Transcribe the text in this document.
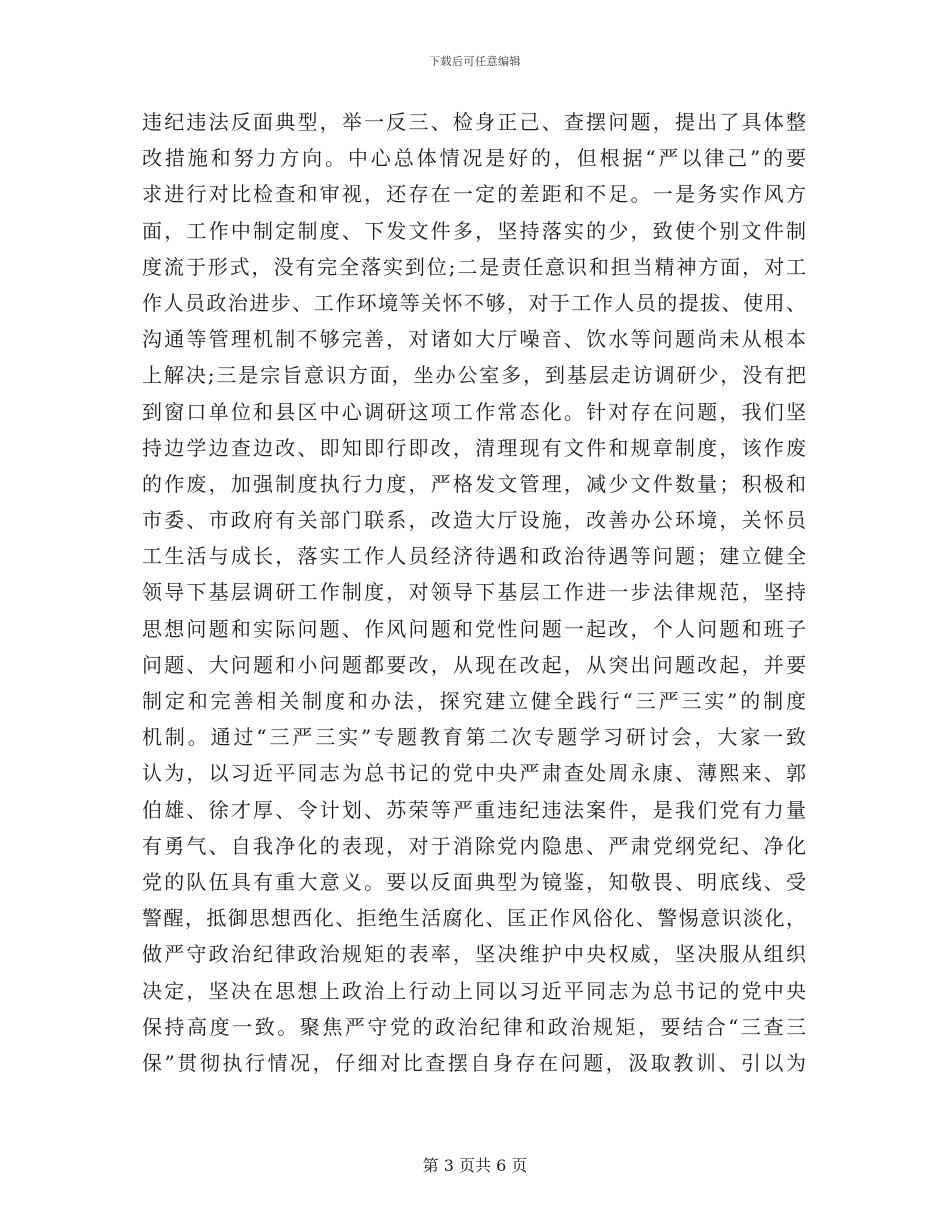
下载后可任意编辑
违纪违法反面典型，举一反三、检身正己、查摆问题，提出了具体整
改措施和努力方向。中心总体情况是好的，但根据“严以律己”的要
求进行对比检查和审视，还存在一定的差距和不足。一是务实作风方
面，工作中制定制度、下发文件多，坚持落实的少，致使个别文件制
度流于形式，没有完全落实到位;二是责任意识和担当精神方面，对工
作人员政治进步、工作环境等关怀不够，对于工作人员的提拔、使用、
沟通等管理机制不够完善，对诸如大厅噪音、饮水等问题尚未从根本
上解决;三是宗旨意识方面，坐办公室多，到基层走访调研少，没有把
到窗口单位和县区中心调研这项工作常态化。针对存在问题，我们坚
持边学边查边改、即知即行即改，清理现有文件和规章制度，该作废
的作废，加强制度执行力度，严格发文管理，减少文件数量；积极和
市委、市政府有关部门联系，改造大厅设施，改善办公环境，关怀员
工生活与成长，落实工作人员经济待遇和政治待遇等问题；建立健全
领导下基层调研工作制度，对领导下基层工作进一步法律规范，坚持
思想问题和实际问题、作风问题和党性问题一起改，个人问题和班子
问题、大问题和小问题都要改，从现在改起，从突出问题改起，并要
制定和完善相关制度和办法，探究建立健全践行“三严三实”的制度
机制。通过“三严三实”专题教育第二次专题学习研讨会，大家一致
认为，以习近平同志为总书记的党中央严肃查处周永康、薄熙来、郭
伯雄、徐才厚、令计划、苏荣等严重违纪违法案件，是我们党有力量
有勇气、自我净化的表现，对于消除党内隐患、严肃党纲党纪、净化
党的队伍具有重大意义。要以反面典型为镜鉴，知敬畏、明底线、受
警醒，抵御思想西化、拒绝生活腐化、匡正作风俗化、警惕意识淡化，
做严守政治纪律政治规矩的表率，坚决维护中央权威，坚决服从组织
决定，坚决在思想上政治上行动上同以习近平同志为总书记的党中央
保持高度一致。聚焦严守党的政治纪律和政治规矩，要结合“三查三
保”贯彻执行情况，仔细对比查摆自身存在问题，汲取教训、引以为
第 3 页共 6 页
